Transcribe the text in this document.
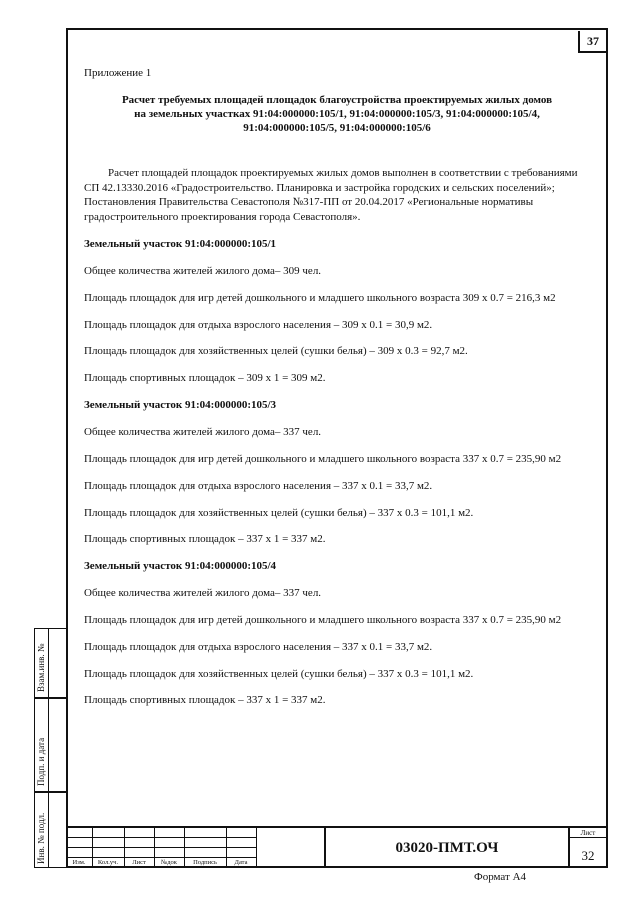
37
Взам.инв. №
Подп. и дата
Инв. № подл.
Приложение 1
Расчет требуемых площадей площадок благоустройства проектируемых жилых домов
на земельных участках 91:04:000000:105/1, 91:04:000000:105/3, 91:04:000000:105/4,
91:04:000000:105/5, 91:04:000000:105/6

Расчет площадей площадок проектируемых жилых домов выполнен в соответствии с требованиями СП 42.13330.2016 «Градостроительство. Планировка и застройка городских и сельских поселений»; Постановления Правительства Севастополя №317-ПП от 20.04.2017 «Региональные нормативы градостроительного проектирования города Севастополя».

Земельный участок 91:04:000000:105/1
Общее количества жителей жилого дома– 309 чел.
Площадь площадок для игр детей дошкольного и младшего школьного возраста 309 х 0.7 = 216,3 м2
Площадь площадок для отдыха взрослого населения – 309 х 0.1 = 30,9 м2.
Площадь площадок для хозяйственных целей (сушки белья) – 309 х 0.3 = 92,7 м2.
Площадь спортивных площадок – 309 х 1 = 309 м2.
Земельный участок 91:04:000000:105/3
Общее количества жителей жилого дома– 337 чел.
Площадь площадок для игр детей дошкольного и младшего школьного возраста 337 х 0.7 = 235,90 м2
Площадь площадок для отдыха взрослого населения – 337 х 0.1 = 33,7 м2.
Площадь площадок для хозяйственных целей (сушки белья) – 337 х 0.3 = 101,1 м2.
Площадь спортивных площадок – 337 х 1 = 337 м2.
Земельный участок 91:04:000000:105/4
Общее количества жителей жилого дома– 337 чел.
Площадь площадок для игр детей дошкольного и младшего школьного возраста 337 х 0.7 = 235,90 м2
Площадь площадок для отдыха взрослого населения – 337 х 0.1 = 33,7 м2.
Площадь площадок для хозяйственных целей (сушки белья) – 337 х 0.3 = 101,1 м2.
Площадь спортивных площадок – 337 х 1 = 337 м2.
Изм.	Кол.уч.	Лист	№док	Подпись	Дата
03020-ПМТ.ОЧ
Лист
32
Формат А4
